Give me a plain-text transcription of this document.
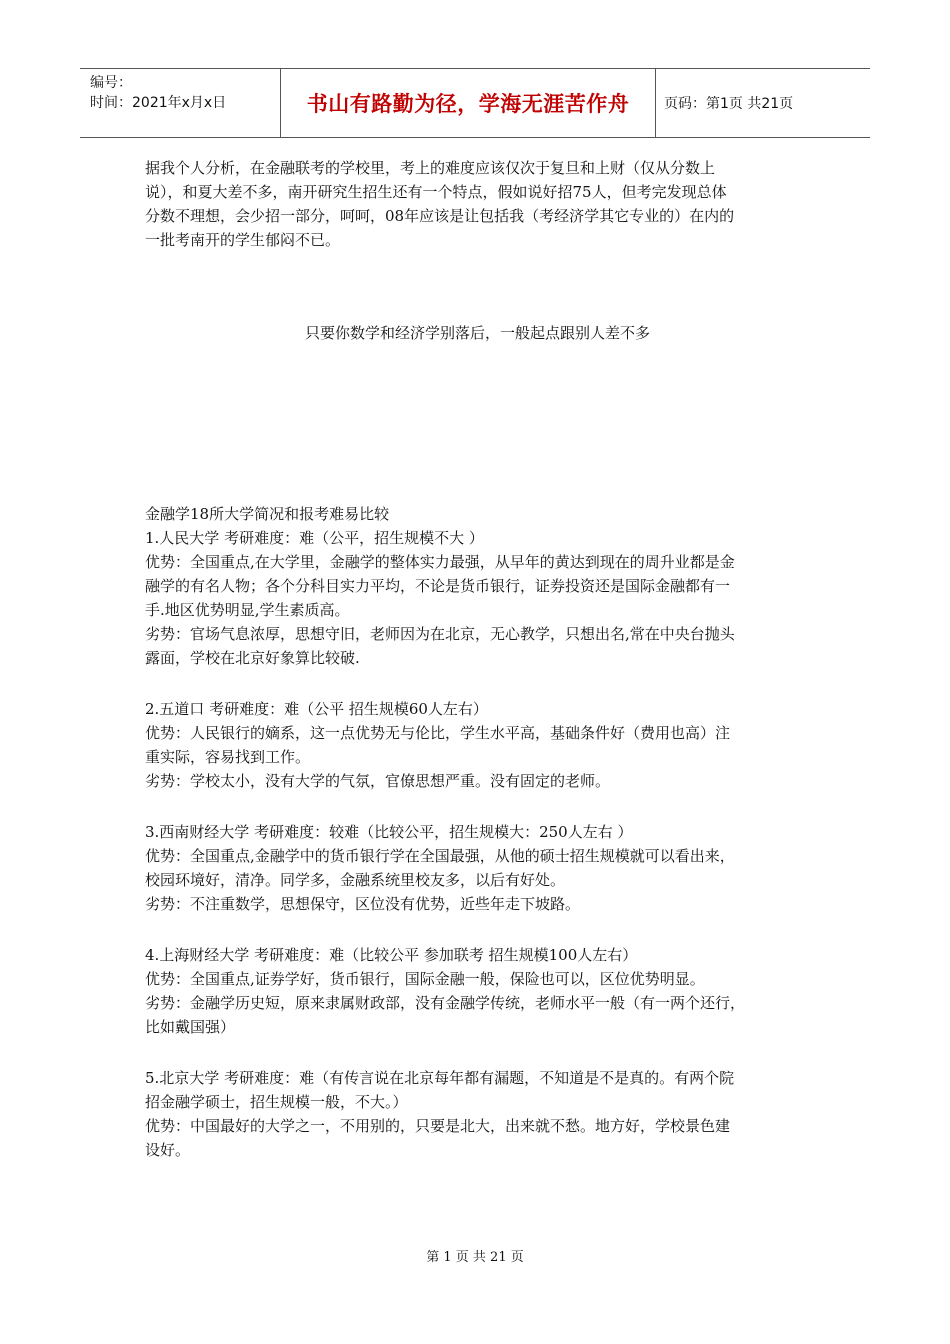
编号：
时间：2021年x月x日	书山有路勤为径，学海无涯苦作舟 页码：第1页 共21页

据我个人分析，在金融联考的学校里，考上的难度应该仅次于复旦和上财（仅从分数上

说），和夏大差不多，南开研究生招生还有一个特点，假如说好招75人，但考完发现总体

分数不理想，会少招一部分，呵呵，08年应该是让包括我（考经济学其它专业的）在内的

一批考南开的学生郁闷不已。

只要你数学和经济学别落后，一般起点跟别人差不多

金融学18所大学简况和报考难易比较

1.人民大学 考研难度：难（公平，招生规模不大 ）

优势：全国重点,在大学里，金融学的整体实力最强，从早年的黄达到现在的周升业都是金

融学的有名人物；各个分科目实力平均，不论是货币银行，证券投资还是国际金融都有一

手.地区优势明显,学生素质高。

劣势：官场气息浓厚，思想守旧，老师因为在北京，无心教学，只想出名,常在中央台抛头

露面，学校在北京好象算比较破.

2.五道口 考研难度：难（公平 招生规模60人左右）

优势：人民银行的嫡系，这一点优势无与伦比，学生水平高，基础条件好（费用也高）注

重实际，容易找到工作。

劣势：学校太小，没有大学的气氛，官僚思想严重。没有固定的老师。

3.西南财经大学 考研难度：较难（比较公平，招生规模大：250人左右 ）

优势：全国重点,金融学中的货币银行学在全国最强，从他的硕士招生规模就可以看出来，

校园环境好，清净。同学多，金融系统里校友多，以后有好处。

劣势：不注重数学，思想保守，区位没有优势，近些年走下坡路。

4.上海财经大学 考研难度：难（比较公平 参加联考 招生规模100人左右）

优势：全国重点,证券学好，货币银行，国际金融一般，保险也可以，区位优势明显。

劣势：金融学历史短，原来隶属财政部，没有金融学传统，老师水平一般（有一两个还行，

比如戴国强）

5.北京大学 考研难度：难（有传言说在北京每年都有漏题，不知道是不是真的。有两个院

招金融学硕士，招生规模一般，不大。）

优势：中国最好的大学之一，不用别的，只要是北大，出来就不愁。地方好，学校景色建

设好。

第 1 页 共 21 页
